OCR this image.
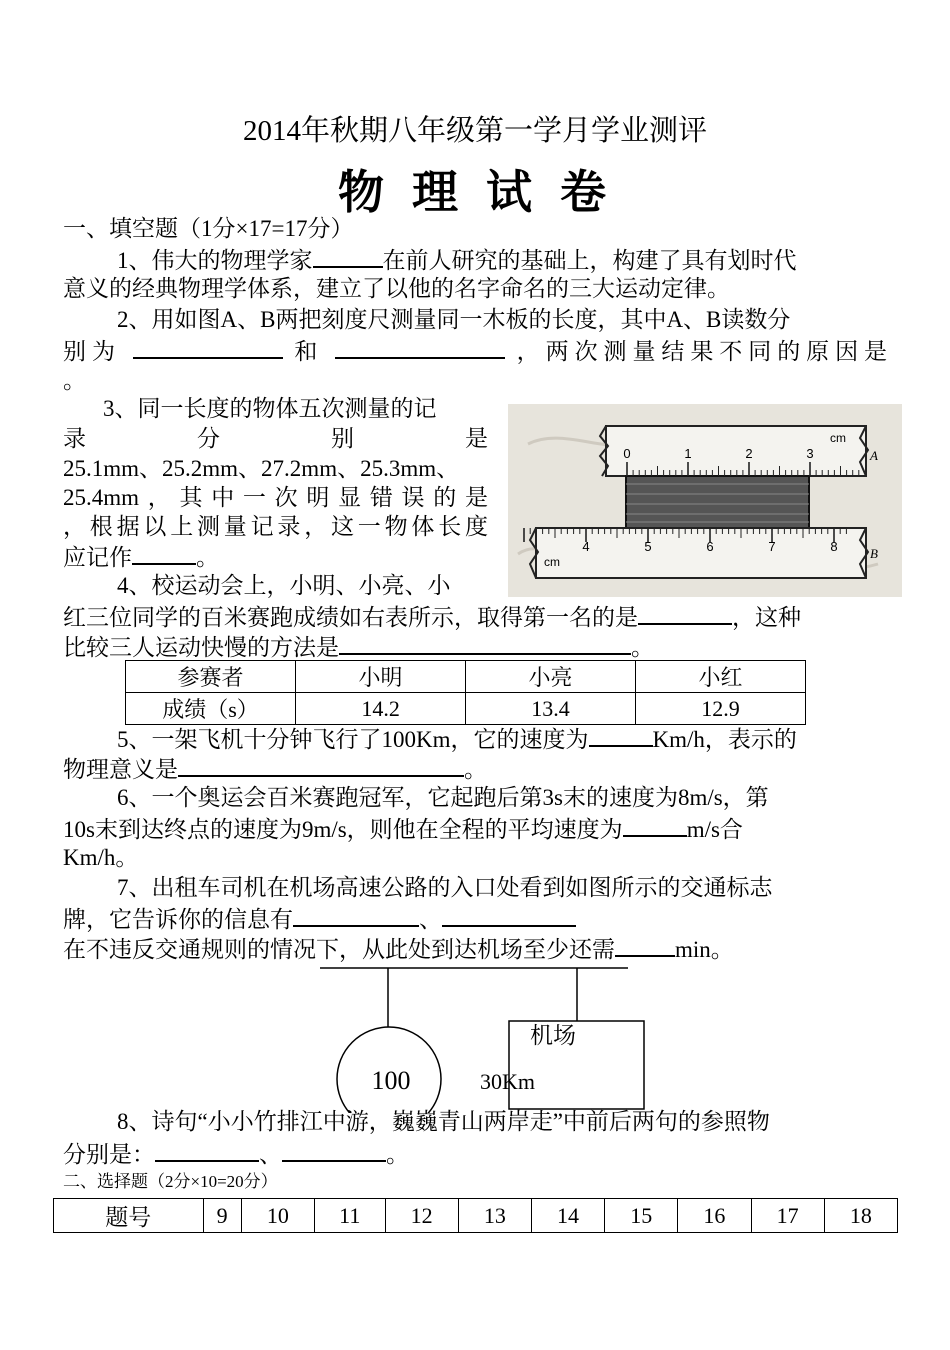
2014年秋期八年级第一学月学业测评
物 理 试 卷
一、填空题（1分×17=17分）
1、伟大的物理学家	在前人研究的基础上，构建了具有划时代
意义的经典物理学体系，建立了以他的名字命名的三大运动定律。
2、用如图A、B两把刻度尺测量同一木板的长度，其中A、B读数分
别为	和	，两次测量结果不同的原因是
。
3、同一长度的物体五次测量的记
录	分	别	是
25.1mm、25.2mm、27.2mm、25.3mm、
25.4mm，其中一次明显错误的是
，根据以上测量记录，这一物体长度
应记作	。
4、校运动会上，小明、小亮、小
0	1	2	3
cm
A
4	5	6	7	8
cm
B
红三位同学的百米赛跑成绩如右表所示，取得第一名的是	，这种
比较三人运动快慢的方法是	。
参赛者	小明	小亮	小红
成绩（s）	14.2	13.4	12.9
5、一架飞机十分钟飞行了100Km，它的速度为	Km/h，表示的
物理意义是	。
6、一个奥运会百米赛跑冠军，它起跑后第3s末的速度为8m/s，第
10s末到达终点的速度为9m/s，则他在全程的平均速度为	m/s合
Km/h。
7、出租车司机在机场高速公路的入口处看到如图所示的交通标志
牌，它告诉你的信息有	、
在不违反交通规则的情况下，从此处到达机场至少还需	min。
100
机场
30Km
8、诗句“小小竹排江中游，巍巍青山两岸走”中前后两句的参照物
分别是：	、	。
二、选择题（2分×10=20分）
题号	9	10	11	12	13	14	15	16	17	18
